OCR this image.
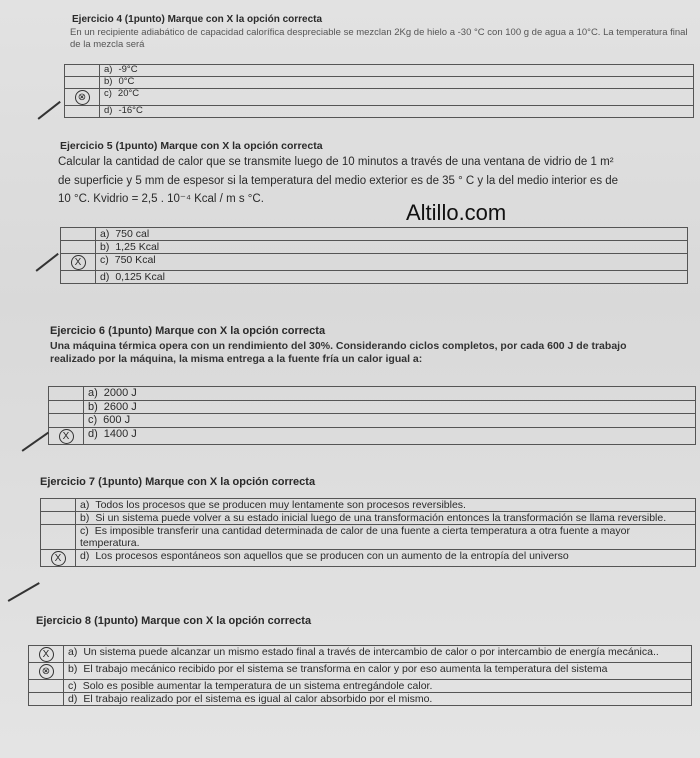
Ejercicio 4 (1punto) Marque con X la opción correcta
En un recipiente adiabático de capacidad calorífica despreciable se mezclan 2Kg de hielo a -30 °C con 100 g de agua a 10°C. La temperatura final de la mezcla será
	a) -9°C
	b) 0°C
⊗	c) 20°C
	d) -16°C
Ejercicio 5 (1punto) Marque con X la opción correcta
Calcular la cantidad de calor que se transmite luego de 10 minutos a través de una ventana de vidrio de 1 m²
de superficie y 5 mm de espesor si la temperatura del medio exterior es de 35 ° C y la del medio interior es de
10 °C. Kvidrio = 2,5 . 10⁻⁴ Kcal / m s °C.
	a) 750 cal
	b) 1,25 Kcal
X	c) 750 Kcal
	d) 0,125 Kcal
Altillo.com
Ejercicio 6 (1punto) Marque con X la opción correcta
Una máquina térmica opera con un rendimiento del 30%. Considerando ciclos completos, por cada 600 J de trabajo realizado por la máquina, la misma entrega a la fuente fría un calor igual a:
	a) 2000 J
	b) 2600 J
	c) 600 J
X	d) 1400 J
Ejercicio 7 (1punto) Marque con X la opción correcta
	a) Todos los procesos que se producen muy lentamente son procesos reversibles.
	b) Si un sistema puede volver a su estado inicial luego de una transformación entonces la transformación se llama reversible.
	c) Es imposible transferir una cantidad determinada de calor de una fuente a cierta temperatura a otra fuente a mayor temperatura.
X	d) Los procesos espontáneos son aquellos que se producen con un aumento de la entropía del universo
Ejercicio 8 (1punto) Marque con X la opción correcta
X	a) Un sistema puede alcanzar un mismo estado final a través de intercambio de calor o por intercambio de energía mecánica..
⊗	b) El trabajo mecánico recibido por el sistema se transforma en calor y por eso aumenta la temperatura del sistema
	c) Solo es posible aumentar la temperatura de un sistema entregándole calor.
	d) El trabajo realizado por el sistema es igual al calor absorbido por el mismo.
